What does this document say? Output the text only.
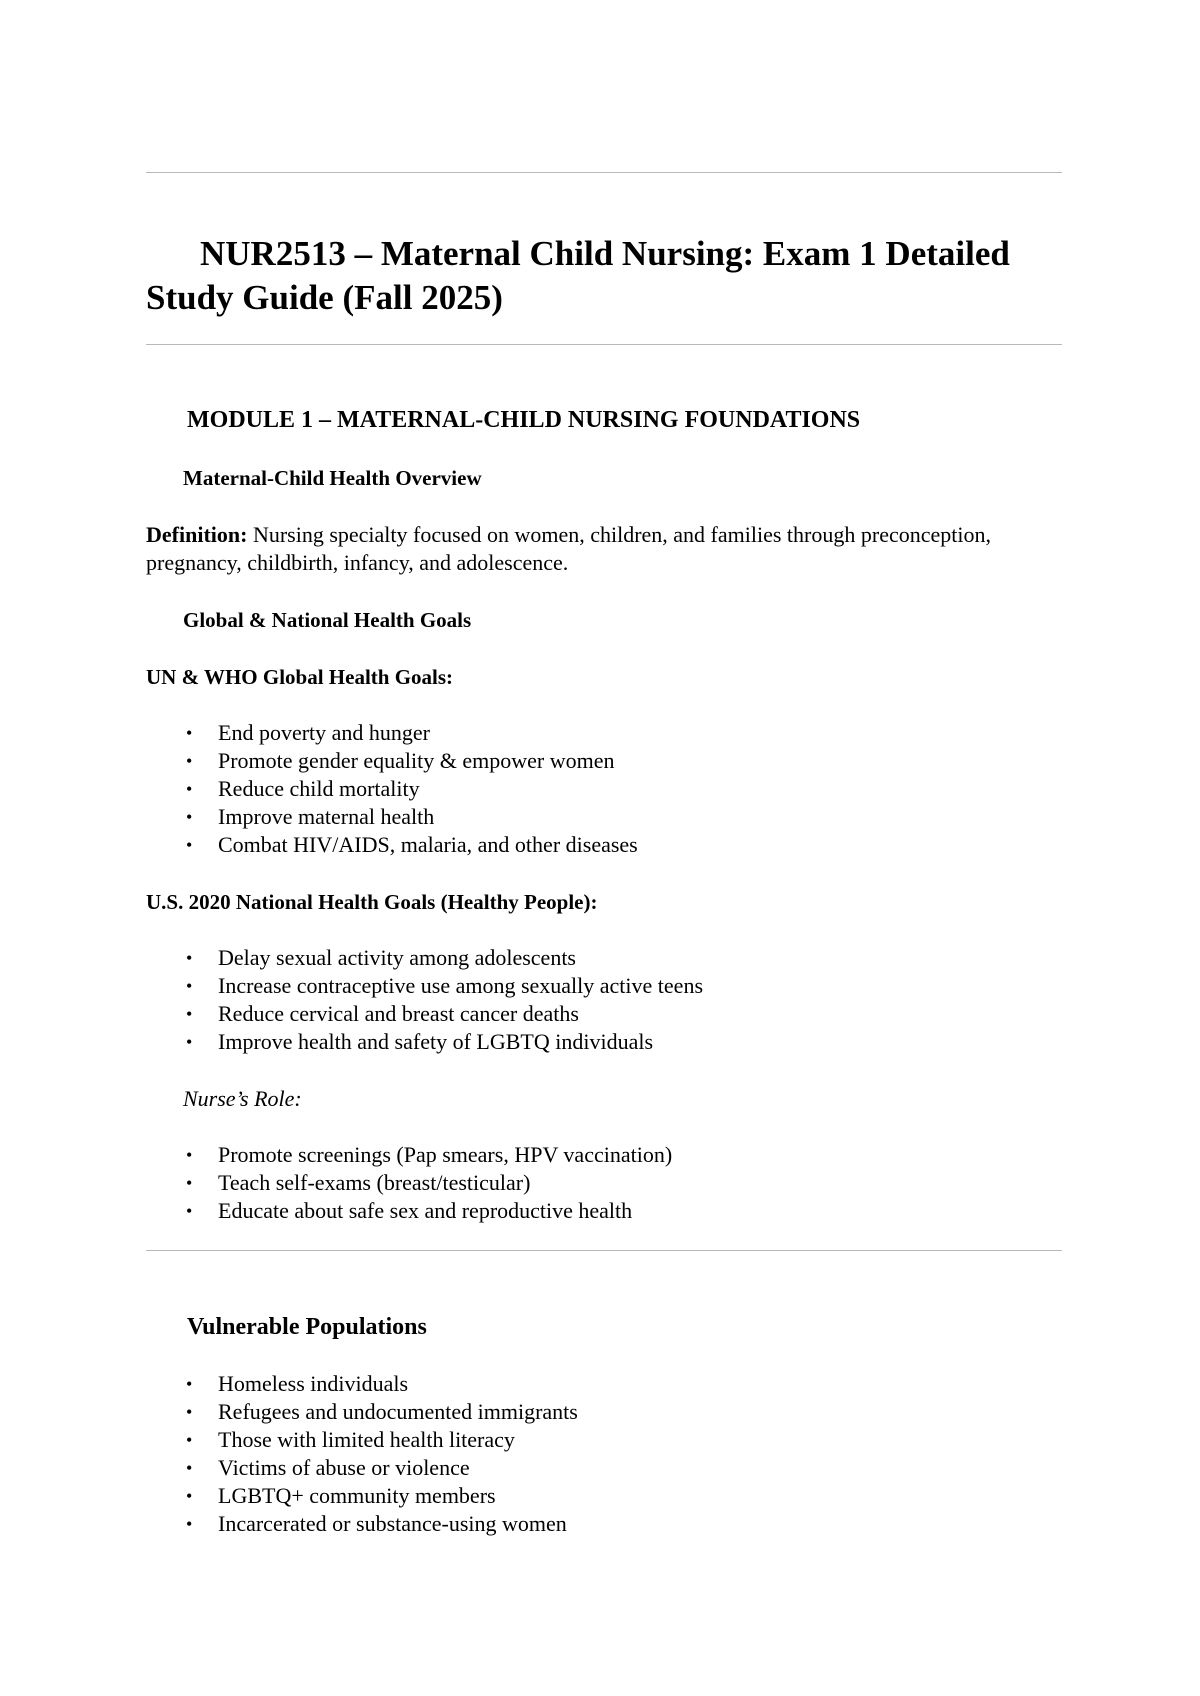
NUR2513 – Maternal Child Nursing: Exam 1 Detailed Study Guide (Fall 2025)
MODULE 1 – MATERNAL-CHILD NURSING FOUNDATIONS
Maternal-Child Health Overview

Definition: Nursing specialty focused on women, children, and families through preconception, pregnancy, childbirth, infancy, and adolescence.

Global & National Health Goals

UN & WHO Global Health Goals:

• End poverty and hunger
• Promote gender equality & empower women
• Reduce child mortality
• Improve maternal health
• Combat HIV/AIDS, malaria, and other diseases

U.S. 2020 National Health Goals (Healthy People):

• Delay sexual activity among adolescents
• Increase contraceptive use among sexually active teens
• Reduce cervical and breast cancer deaths
• Improve health and safety of LGBTQ individuals

Nurse’s Role:

• Promote screenings (Pap smears, HPV vaccination)
• Teach self-exams (breast/testicular)
• Educate about safe sex and reproductive health
Vulnerable Populations
• Homeless individuals
• Refugees and undocumented immigrants
• Those with limited health literacy
• Victims of abuse or violence
• LGBTQ+ community members
• Incarcerated or substance-using women
